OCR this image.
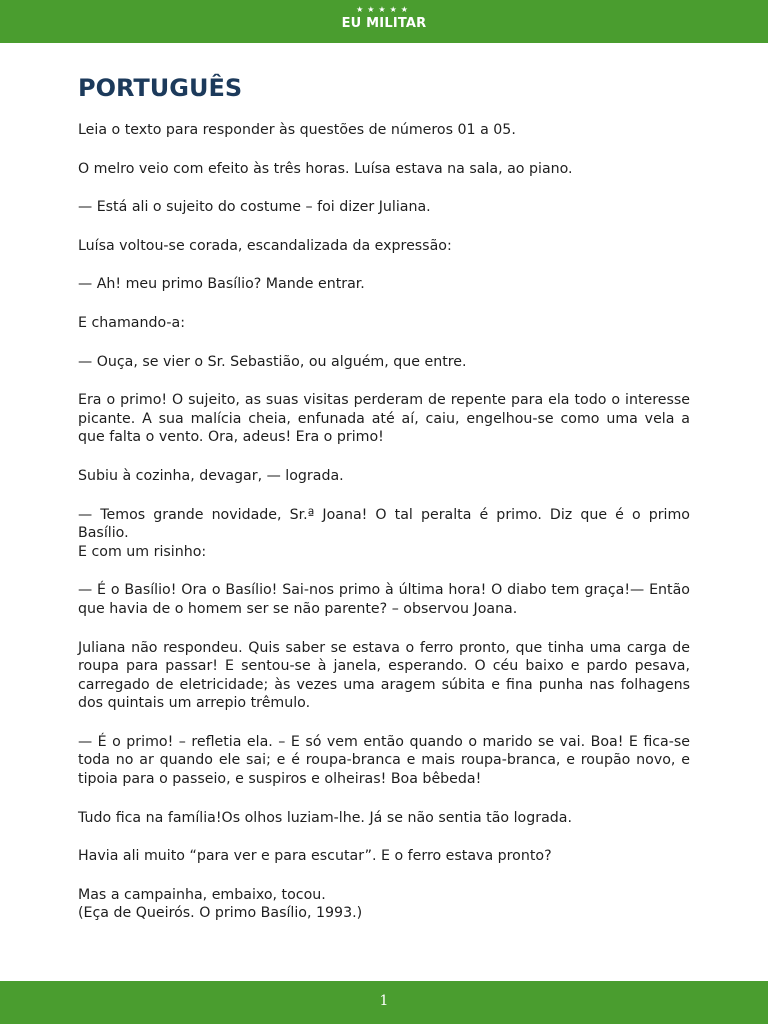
★★★★★
EU MILITAR
PORTUGUÊS

Leia o texto para responder às questões de números 01 a 05.

O melro veio com efeito às três horas. Luísa estava na sala, ao piano.

— Está ali o sujeito do costume – foi dizer Juliana.

Luísa voltou-se corada, escandalizada da expressão:

— Ah! meu primo Basílio? Mande entrar.

E chamando-a:

— Ouça, se vier o Sr. Sebastião, ou alguém, que entre.

Era o primo! O sujeito, as suas visitas perderam de repente para ela todo o interesse picante. A sua malícia cheia, enfunada até aí, caiu, engelhou-se como uma vela a que falta o vento. Ora, adeus! Era o primo!

Subiu à cozinha, devagar, — lograda.

— Temos grande novidade, Sr.ª Joana! O tal peralta é primo. Diz que é o primo Basílio.

E com um risinho:

— É o Basílio! Ora o Basílio! Sai-nos primo à última hora! O diabo tem graça!— Então que havia de o homem ser se não parente? – observou Joana.

Juliana não respondeu. Quis saber se estava o ferro pronto, que tinha uma carga de roupa para passar! E sentou-se à janela, esperando. O céu baixo e pardo pesava, carregado de eletricidade; às vezes uma aragem súbita e fina punha nas folhagens dos quintais um arrepio trêmulo.

— É o primo! – refletia ela. – E só vem então quando o marido se vai. Boa! E fica-se toda no ar quando ele sai; e é roupa-branca e mais roupa-branca, e roupão novo, e tipoia para o passeio, e suspiros e olheiras! Boa bêbeda!

Tudo fica na família!Os olhos luziam-lhe. Já se não sentia tão lograda.

Havia ali muito “para ver e para escutar”. E o ferro estava pronto?

Mas a campainha, embaixo, tocou.

(Eça de Queirós. O primo Basílio, 1993.)

1
